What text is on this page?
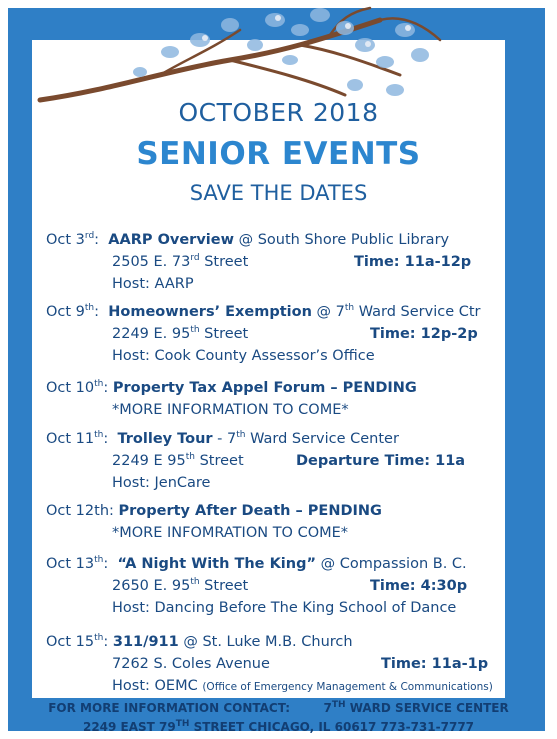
OCTOBER 2018
SENIOR EVENTS
SAVE THE DATES
Oct 3rd:  AARP Overview @ South Shore Public Library
2505 E. 73rd Street	Time: 11a-12p
Host: AARP
Oct 9th:  Homeowners’ Exemption @ 7th Ward Service Ctr
2249 E. 95th Street	Time: 12p-2p
Host: Cook County Assessor’s Office
Oct 10th: Property Tax Appel Forum – PENDING
*MORE INFORMATION TO COME*
Oct 11th:  Trolley Tour - 7th Ward Service Center
2249 E 95th Street	Departure Time: 11a
Host: JenCare
Oct 12th: Property After Death – PENDING
*MORE INFOMRATION TO COME*
Oct 13th:  “A Night With The King” @ Compassion B. C.
2650 E. 95th Street	Time: 4:30p
Host: Dancing Before The King School of Dance
Oct 15th: 311/911 @ St. Luke M.B. Church
7262 S. Coles Avenue	Time: 11a-1p
Host: OEMC (Office of Emergency Management & Communications)
FOR MORE INFORMATION CONTACT:	7TH WARD SERVICE CENTER
2249 EAST 79TH STREET CHICAGO, IL 60617 773-731-7777
